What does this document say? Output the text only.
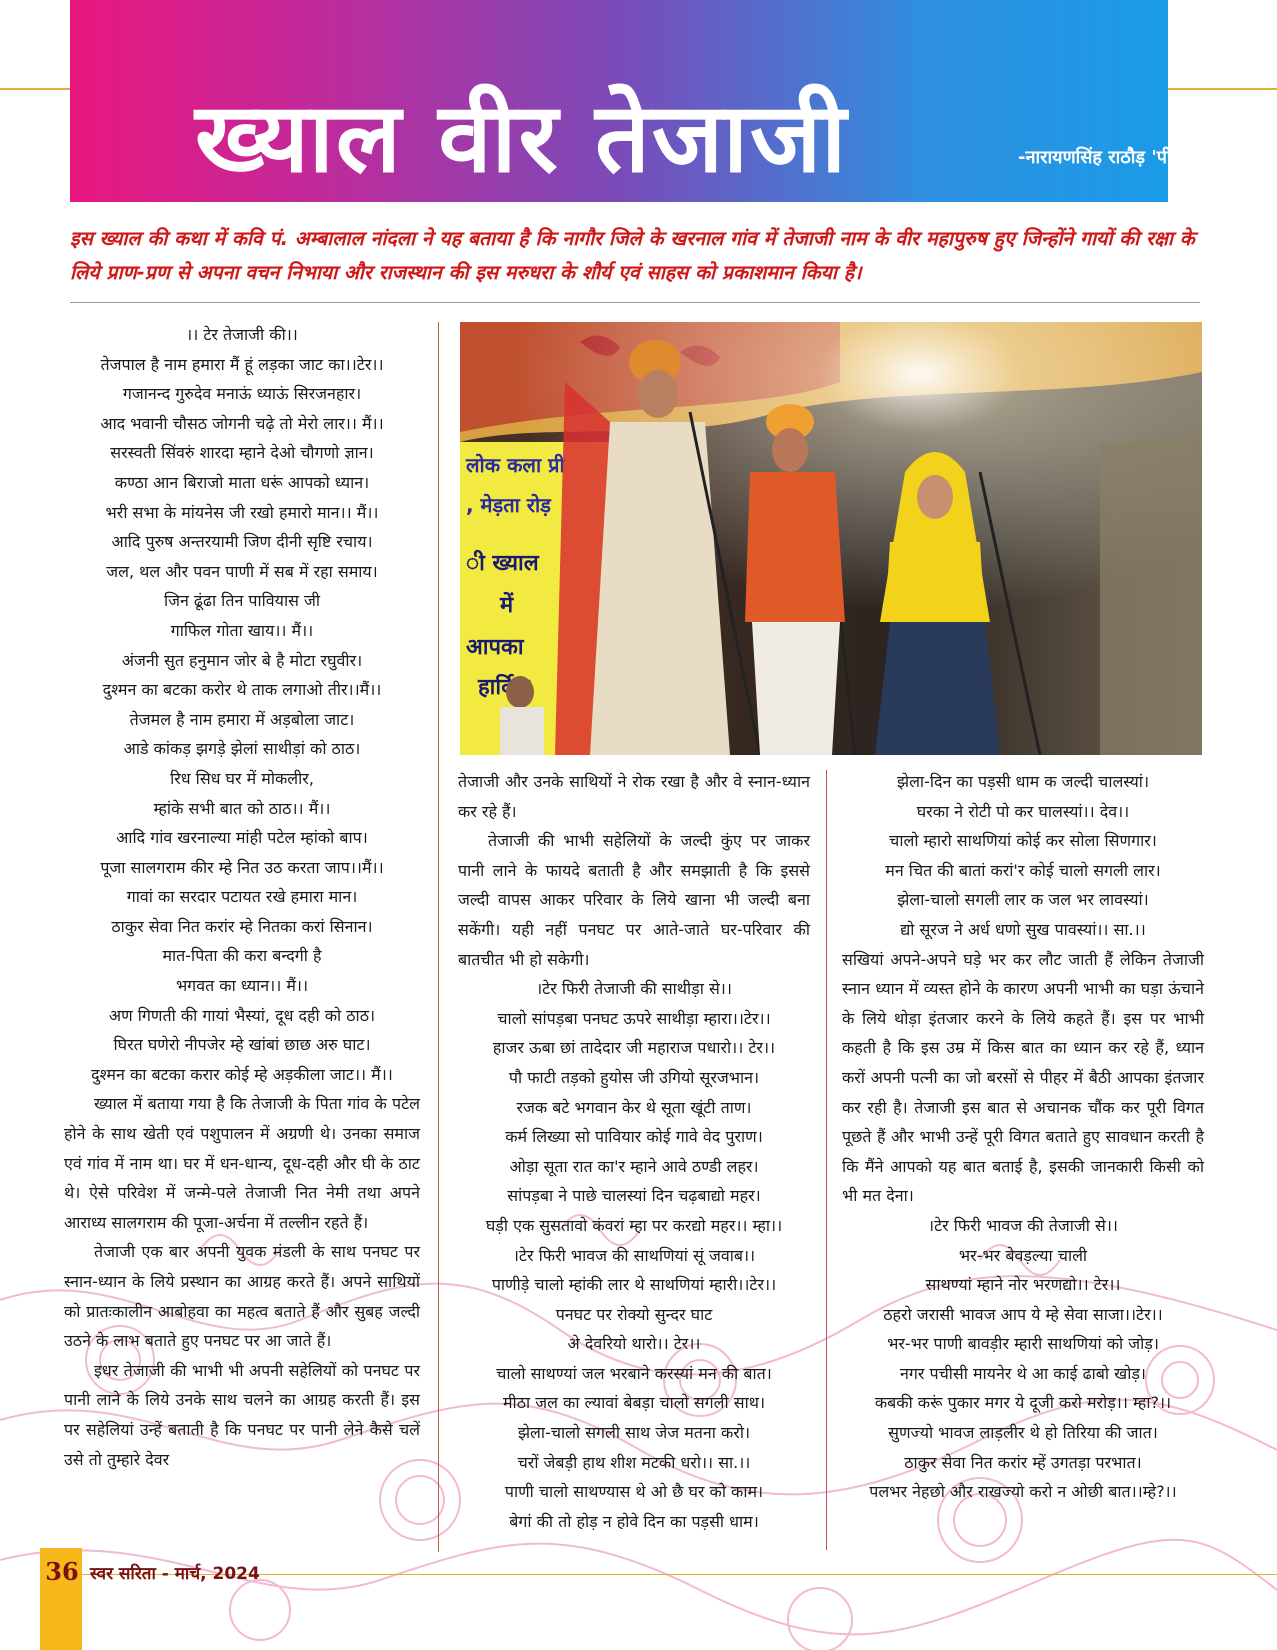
ख्याल वीर तेजाजी	-नारायणसिंह राठौड़ 'पीथळ'
इस ख्याल की कथा में कवि पं. अम्बालाल नांदला ने यह बताया है कि नागौर जिले के खरनाल गांव में तेजाजी नाम के वीर महापुरुष हुए जिन्होंने गायों की रक्षा के लिये प्राण-प्रण से अपना वचन निभाया और राजस्थान की इस मरुधरा के शौर्य एवं साहस को प्रकाशमान किया है।

।। टेर तेजाजी की।।

तेजपाल है नाम हमारा मैं हूं लड़का जाट का।।टेर।।

गजानन्द गुरुदेव मनाऊं ध्याऊं सिरजनहार।

आद भवानी चौसठ जोगनी चढ़े तो मेरो लार।। मैं।।

सरस्वती सिंवरुं शारदा म्हाने देओ चौगणो ज्ञान।

कण्ठा आन बिराजो माता धरूं आपको ध्यान।

भरी सभा के मांयनेस जी रखो हमारो मान।। मैं।।

आदि पुरुष अन्तरयामी जिण दीनी सृष्टि रचाय।

जल, थल और पवन पाणी में सब में रहा समाय।

जिन ढूंढा तिन पावियास जी

गाफिल गोता खाय।। मैं।।

अंजनी सुत हनुमान जोर बे है मोटा रघुवीर।

दुश्मन का बटका करोर थे ताक लगाओ तीर।।मैं।।

तेजमल है नाम हमारा में अड़बोला जाट।

आडे कांकड़ झगड़े झेलां साथीड़ां को ठाठ।

रिध सिध घर में मोकलीर,

म्हांके सभी बात को ठाठ।। मैं।।

आदि गांव खरनाल्या मांही पटेल म्हांको बाप।

पूजा सालगराम कीर म्हे नित उठ करता जाप।।मैं।।

गावां का सरदार पटायत रखे हमारा मान।

ठाकुर सेवा नित करांर म्हे नितका करां सिनान।

मात-पिता की करा बन्दगी है

भगवत का ध्यान।। मैं।।

अण गिणती की गायां भैस्यां, दूध दही को ठाठ।

घिरत घणेरो नीपजेर म्हे खांबां छाछ अरु घाट।

दुश्मन का बटका करार कोई म्हे अड़कीला जाट।। मैं।।

ख्याल में बताया गया है कि तेजाजी के पिता गांव के पटेल होने के साथ खेती एवं पशुपालन में अग्रणी थे। उनका समाज एवं गांव में नाम था। घर में धन-धान्य, दूध-दही और घी के ठाट थे। ऐसे परिवेश में जन्मे-पले तेजाजी नित नेमी तथा अपने आराध्य सालगराम की पूजा-अर्चना में तल्लीन रहते हैं।

तेजाजी एक बार अपनी युवक मंडली के साथ पनघट पर स्नान-ध्यान के लिये प्रस्थान का आग्रह करते हैं। अपने साथियों को प्रातःकालीन आबोहवा का महत्व बताते हैं और सुबह जल्दी उठने के लाभ बताते हुए पनघट पर आ जाते हैं।

इधर तेजाजी की भाभी भी अपनी सहेलियों को पनघट पर पानी लाने के लिये उनके साथ चलने का आग्रह करती हैं। इस पर सहेलियां उन्हें बताती है कि पनघट पर पानी लेने कैसे चलें उसे तो तुम्हारे देवर

तेजाजी और उनके साथियों ने रोक रखा है और वे स्नान-ध्यान कर रहे हैं।

तेजाजी की भाभी सहेलियों के जल्दी कुंए पर जाकर पानी लाने के फायदे बताती है और समझाती है कि इससे जल्दी वापस आकर परिवार के लिये खाना भी जल्दी बना सकेंगी। यही नहीं पनघट पर आते-जाते घर-परिवार की बातचीत भी हो सकेगी।

।टेर फिरी तेजाजी की साथीड़ा से।।

चालो सांपड़बा पनघट ऊपरे साथीड़ा म्हारा।।टेर।।

हाजर ऊबा छां तादेदार जी महाराज पधारो।। टेर।।

पौ फाटी तड़को हुयोस जी उगियो सूरजभान।

रजक बटे भगवान केर थे सूता खूंटी ताण।

कर्म लिख्या सो पावियार कोई गावे वेद पुराण।

ओड़ा सूता रात का'र म्हाने आवे ठण्डी लहर।

सांपड़बा ने पाछे चालस्यां दिन चढ़बाद्यो महर।

घड़ी एक सुसतावो कंवरां म्हा पर करद्यो महर।। म्हा।।

।टेर फिरी भावज की साथणियां सूं जवाब।।

पाणीड़े चालो म्हांकी लार थे साथणियां म्हारी।।टेर।।

पनघट पर रोक्यो सुन्दर घाट

अे देवरियो थारो।। टेर।।

चालो साथण्यां जल भरबाने करस्यां मन की बात।

मीठा जल का ल्यावां बेबड़ा चालो सगली साथ।

झेला-चालो सगली साथ जेज मतना करो।

चरों जेबड़ी हाथ शीश मटकी धरो।। सा.।।

पाणी चालो साथण्यास थे ओ छै घर को काम।

बेगां की तो होड़ न होवे दिन का पड़सी धाम।

झेला-दिन का पड़सी धाम क जल्दी चालस्यां।

घरका ने रोटी पो कर घालस्यां।। देव।।

चालो म्हारो साथणियां कोई कर सोला सिणगार।

मन चित की बातां करां'र कोई चालो सगली लार।

झेला-चालो सगली लार क जल भर लावस्यां।

द्यो सूरज ने अर्ध धणो सुख पावस्यां।। सा.।।

सखियां अपने-अपने घड़े भर कर लौट जाती हैं लेकिन तेजाजी स्नान ध्यान में व्यस्त होने के कारण अपनी भाभी का घड़ा ऊंचाने के लिये थोड़ा इंतजार करने के लिये कहते हैं। इस पर भाभी कहती है कि इस उम्र में किस बात का ध्यान कर रहे हैं, ध्यान करों अपनी पत्नी का जो बरसों से पीहर में बैठी आपका इंतजार कर रही है। तेजाजी इस बात से अचानक चौंक कर पूरी विगत पूछते हैं और भाभी उन्हें पूरी विगत बताते हुए सावधान करती है कि मैंने आपको यह बात बताई है, इसकी जानकारी किसी को भी मत देना।

।टेर फिरी भावज की तेजाजी से।।

भर-भर बेवड़ल्या चाली

साथण्यां म्हाने नोर भरणद्यो।। टेर।।

ठहरो जरासी भावज आप ये म्हे सेवा साजा।।टेर।।

भर-भर पाणी बावड़ीर म्हारी साथणियां को जोड़।

नगर पचीसी मायनेर थे आ काई ढाबो खोड़।

कबकी करूं पुकार मगर ये दूजी करो मरोड़।। म्हा?।।

सुणज्यो भावज लाड़लीर थे हो तिरिया की जात।

ठाकुर सेवा नित करांर म्हें उगतड़ा परभात।

पलभर नेहछो और राखज्यो करो न ओछी बात।।म्हे?।।

36 स्वर सरिता - मार्च, 2024
